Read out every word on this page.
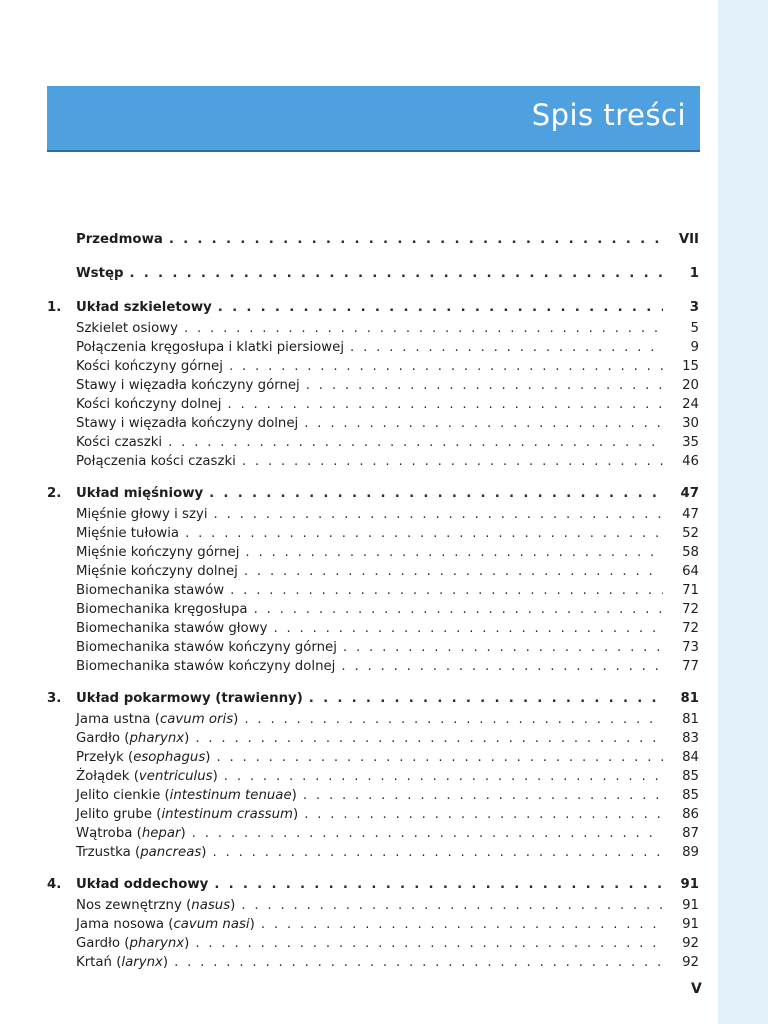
Spis treści
Przedmowa . . .	VII
Wstęp . . .	1
1.	Układ szkieletowy . . .	3
Szkielet osiowy . . .	5
Połączenia kręgosłupa i klatki piersiowej . . .	9
Kości kończyny górnej . . .	15
Stawy i więzadła kończyny górnej . . .	20
Kości kończyny dolnej . . .	24
Stawy i więzadła kończyny dolnej . . .	30
Kości czaszki . . .	35
Połączenia kości czaszki . . .	46
2.	Układ mięśniowy . . .	47
Mięśnie głowy i szyi . . .	47
Mięśnie tułowia . . .	52
Mięśnie kończyny górnej . . .	58
Mięśnie kończyny dolnej . . .	64
Biomechanika stawów . . .	71
Biomechanika kręgosłupa . . .	72
Biomechanika stawów głowy . . .	72
Biomechanika stawów kończyny górnej . . .	73
Biomechanika stawów kończyny dolnej . . .	77
3.	Układ pokarmowy (trawienny) . . .	81
Jama ustna (cavum oris) . . .	81
Gardło (pharynx) . . .	83
Przełyk (esophagus) . . .	84
Żołądek (ventriculus) . . .	85
Jelito cienkie (intestinum tenuae) . . .	85
Jelito grube (intestinum crassum) . . .	86
Wątroba (hepar) . . .	87
Trzustka (pancreas) . . .	89
4.	Układ oddechowy . . .	91
Nos zewnętrzny (nasus) . . .	91
Jama nosowa (cavum nasi) . . .	91
Gardło (pharynx) . . .	92
Krtań (larynx) . . .	92
V
